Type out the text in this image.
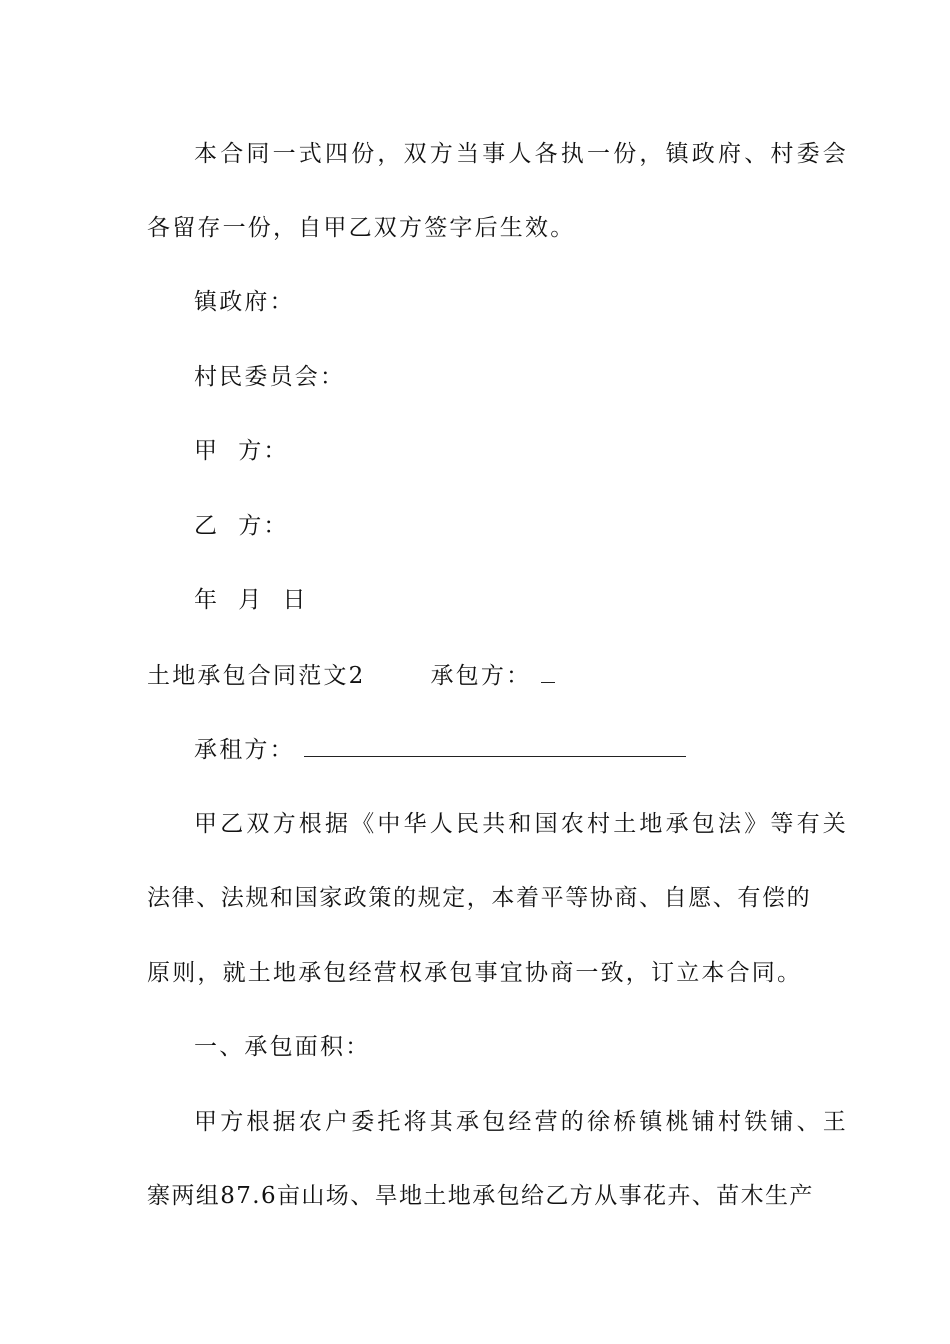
本合同一式四份，双方当事人各执一份，镇政府、村委会
各留存一份，自甲乙双方签字后生效。
镇政府：
村民委员会：
甲  方：
乙  方：
年  月  日
土地承包合同范文2	承包方：
承租方：
甲乙双方根据《中华人民共和国农村土地承包法》等有关
法律、法规和国家政策的规定，本着平等协商、自愿、有偿的
原则，就土地承包经营权承包事宜协商一致，订立本合同。
一、承包面积：
甲方根据农户委托将其承包经营的徐桥镇桃铺村铁铺、王
寨两组87.6亩山场、旱地土地承包给乙方从事花卉、苗木生产
